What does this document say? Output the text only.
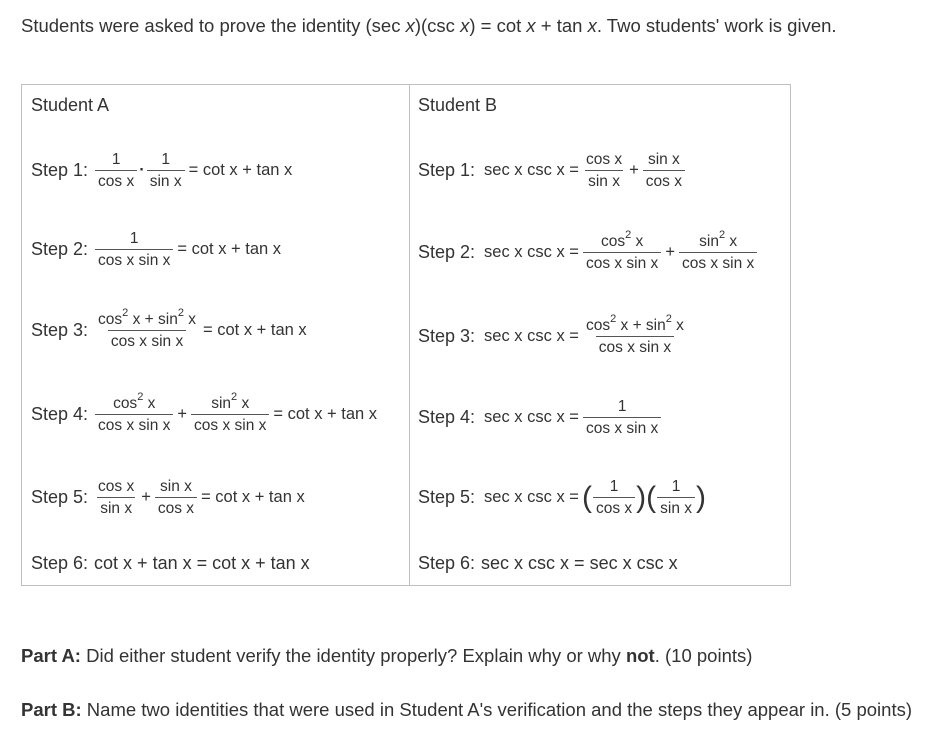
Students were asked to prove the identity (sec x)(csc x) = cot x + tan x. Two students' work is given.
Student A	Student B
Step 1: $\frac{1}{\text{cos x}} \cdot \frac{1}{\text{sin x}} = \cot x + \tan x$
Step 2: $\frac{1}{\text{cos x sin x}} = \cot x + \tan x$
Step 3: $\frac{\cos^2 x + \sin^2 x}{\text{cos x sin x}} = \cot x + \tan x$
Step 4: $\frac{\cos^2 x}{\text{cos x sin x}} + \frac{\sin^2 x}{\text{cos x sin x}} = \cot x + \tan x$
Step 5: $\frac{\text{cos x}}{\text{sin x}} + \frac{\text{sin x}}{\text{cos x}} = \cot x + \tan x$
Step 6: cot x + tan x = cot x + tan x
Step 1: sec x $\csc x = \frac{\text{cos x}}{\text{sin x}} + \frac{\text{sin x}}{\text{cos x}}$
Step 2: sec x $\csc x = \frac{\cos^2 x}{\text{cos x sin x}} + \frac{\sin^2 x}{\text{cos x sin x}}$
Step 3: sec x $\csc x = \frac{\cos^2 x + \sin^2 x}{\text{cos x sin x}}$
Step 4: sec x $\csc x = \frac{1}{\text{cos x sin x}}$
Step 5: sec x csc x = ( $\frac{1}{\text{cos x}}$ ) ( $\frac{1}{\text{sin x}}$ )
Step 6: sec x csc x = sec x csc x
Part A: Did either student verify the identity properly? Explain why or why not. (10 points)
Part B: Name two identities that were used in Student A's verification and the steps they appear in. (5 points)
